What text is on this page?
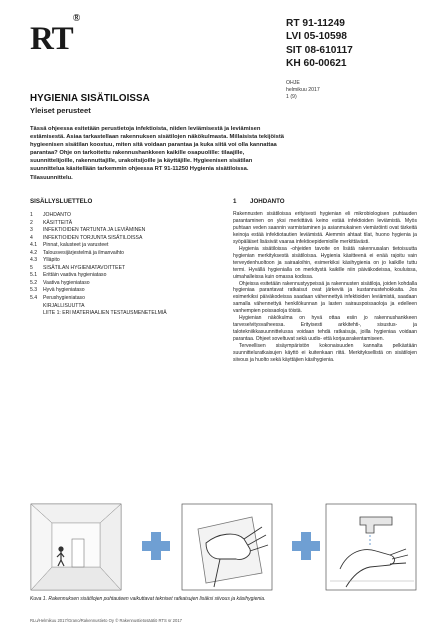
RT®	RT 91-11249
LVI 05-10598
SIT 08-610117
KH 60-00621
OHJE
helmikuu 2017
1 (9)
HYGIENIA SISÄTILOISSA
Yleiset perusteet
Tässä ohjeessa esitetään perustietoja infektioista, niiden leviämisestä ja leviämisen estämisestä. Asiaa tarkastellaan rakennuksen sisätilojen näkökulmasta. Millaisista tekijöistä hygieenisen sisätilan koostuu, miten sitä voidaan parantaa ja kuka siitä voi olla kannattaa parantaa? Ohje on tarkoitettu rakennushankkeen kaikille osapuolille: tilaajille, suunnittelijoille, rakennuttajille, urakoitsijoille ja käyttäjille. Hygieenisen sisätilan suunnittelua käsitellään tarkemmin ohjeessa RT 91-11250 Hygienia sisätiloissa. Tilasuunnittelu.
SISÄLLYSLUETTELO
1	JOHDANTO
2	KÄSITTEITÄ
3	INFEKTIOIDEN TARTUNTA JA LEVIÄMINEN
4	INFEKTIOIDEN TORJUNTA SISÄTILOISSA
4.1	Pinnat, kalusteet ja varusteet
4.2	Talousvesijärjestelmä ja ilmanvaihto
4.3	Ylläpito
5	SISÄTILAN HYGIENIATAVOITTEET
5.1	Erittäin vaativa hygieniataso
5.2	Vaativa hygieniataso
5.3	Hyvä hygieniataso
5.4	Perushygieniataso
KIRJALLISUUTTA
LIITE 1: ERI MATERIAALIEN TESTAUSMENETELMIÄ
1 JOHDANTO

Rakennusten sisätiloissa erityisesti hygienian eli mikrobiologisen puhtauden parantaminen on yksi merkittävä keino estää infektioiden leviämistä. Myös puhtaan veden saannin varmistaminen ja asianmukainen viemäröinti ovat tärkeitä keinoja estää infektiotautien leviämistä. Aiemmin ahtaat tilat, huono hygienia ja syöpäläiset lisäsivät vaaraa infektioepidemioille merkittävästi.

Hygienia sisätiloissa -ohjeiden tavoite on lisätä rakennusalan tietoisuutta hygienian merkityksestä sisätiloissa. Hygienia käsitteenä ei enää rajoitu vain terveydenhuoltoon ja sairaaloihin, esimerkiksi käsihygienia on jo kaikille tuttu termi. Hyvällä hygienialla on merkitystä kaikille niin päiväkodeissa, kouluissa, uimahalleissa kuin omassa kodissa.

Ohjeissa esitetään rakennustyypeissä ja rakennusten sisätiloja, joiden kohdalla hygieniaa parantavat ratkaisut ovat järkeviä ja kustannustehokkaita. Jos esimerkiksi päiväkodeissa saadaan vähennettyä infektioiden leviämistä, saadaan samalla vähennettyä henkilökunnan ja lasten sairauspoissaoloja ja edelleen vanhempien poissaoloja töistä.

Hygienian näkökulma on hyvä ottaa esiin jo rakennushankkeen tarveselvitysvaiheessa. Erityisesti arkkitehti-, sisustus- ja talotekniikkasuunnittelussa voidaan tehdä ratkaisuja, joilla hygieniaa voidaan parantaa. Ohjeet soveltuvat sekä uudis- että korjausrakentamiseen.

Terveellisen sisäympäristön kokonaisuuden kannalta pelkästään suunnitteluratkaisujen käyttö ei kuitenkaan riitä. Merkityksellistä on sisätilojen siivous ja huolto sekä käyttäjien käsihygienia.

Kuva 1. Rakennuksen sisätilojen puhtauteen vaikuttavat tekniset ratkaisujen lisäksi siivous ja käsihygienia.
RLu/Helmikuu 2017/Grano/Rakennustieto Oy © Rakennustietosäätiö RTS sr 2017
